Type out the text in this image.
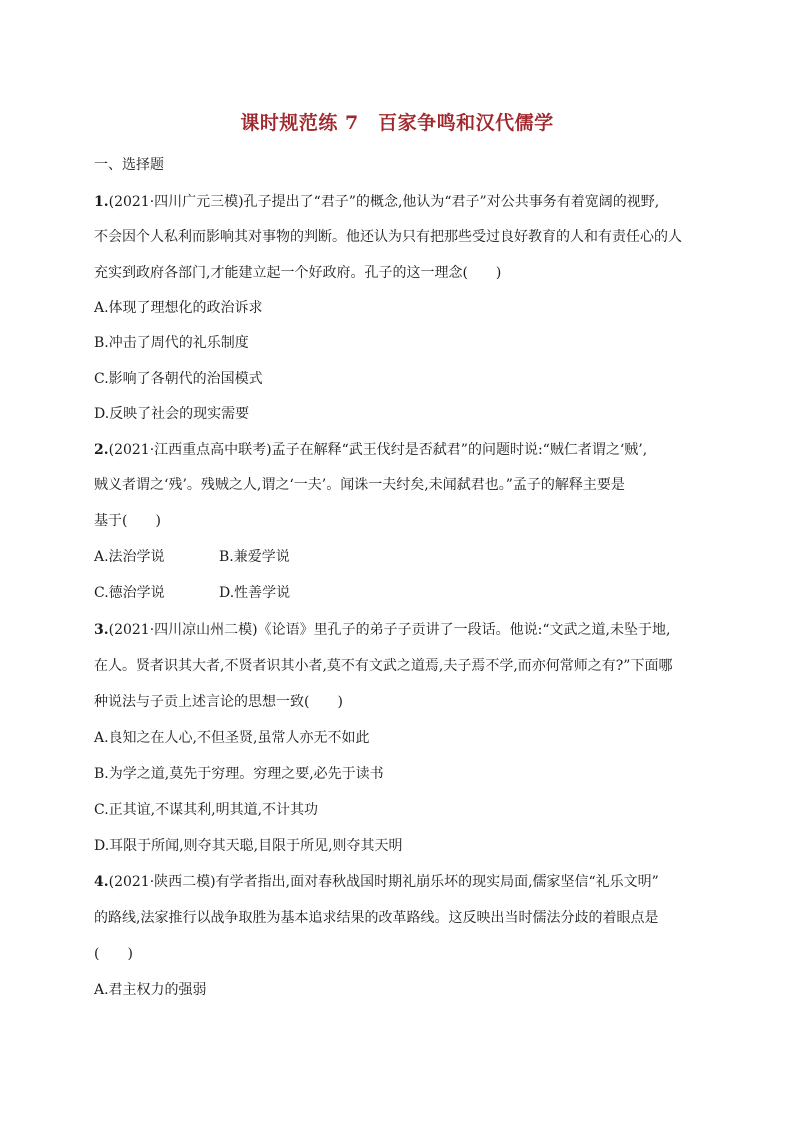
课时规范练 7　百家争鸣和汉代儒学
一、选择题
1.(2021·四川广元三模)孔子提出了“君子”的概念,他认为“君子”对公共事务有着宽阔的视野,
不会因个人私利而影响其对事物的判断。他还认为只有把那些受过良好教育的人和有责任心的人
充实到政府各部门,才能建立起一个好政府。孔子的这一理念(　　)
A.体现了理想化的政治诉求
B.冲击了周代的礼乐制度
C.影响了各朝代的治国模式
D.反映了社会的现实需要
2.(2021·江西重点高中联考)孟子在解释“武王伐纣是否弑君”的问题时说:“贼仁者谓之‘贼’,
贼义者谓之‘残’。残贼之人,谓之‘一夫’。闻诛一夫纣矣,未闻弑君也。”孟子的解释主要是
基于(　　)
A.法治学说	B.兼爱学说
C.德治学说	D.性善学说
3.(2021·四川凉山州二模)《论语》里孔子的弟子子贡讲了一段话。他说:“文武之道,未坠于地,
在人。贤者识其大者,不贤者识其小者,莫不有文武之道焉,夫子焉不学,而亦何常师之有?”下面哪
种说法与子贡上述言论的思想一致(　　)
A.良知之在人心,不但圣贤,虽常人亦无不如此
B.为学之道,莫先于穷理。穷理之要,必先于读书
C.正其谊,不谋其利,明其道,不计其功
D.耳限于所闻,则夺其天聪,目限于所见,则夺其天明
4.(2021·陕西二模)有学者指出,面对春秋战国时期礼崩乐坏的现实局面,儒家坚信“礼乐文明”
的路线,法家推行以战争取胜为基本追求结果的改革路线。这反映出当时儒法分歧的着眼点是
(　　)
A.君主权力的强弱
